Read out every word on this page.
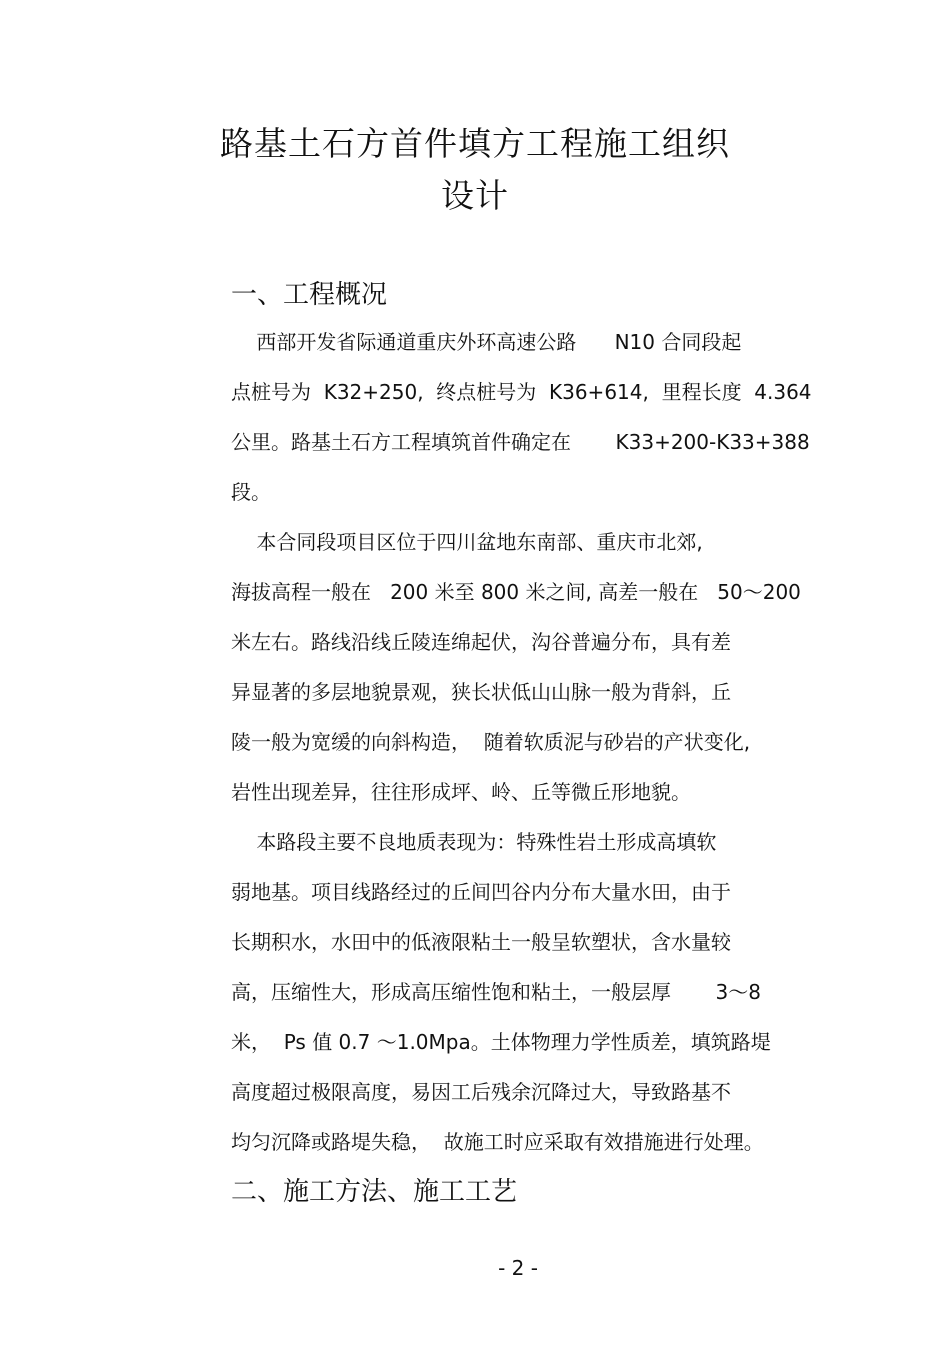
路基土石方首件填方工程施工组织
设计
一、工程概况
西部开发省际通道重庆外环高速公路      N10 合同段起
点桩号为  K32+250,  终点桩号为  K36+614,  里程长度  4.364
公里。路基土石方工程填筑首件确定在       K33+200-K33+388
段。
本合同段项目区位于四川盆地东南部、重庆市北郊,
海拔高程一般在   200 米至 800 米之间, 高差一般在   50～200
米左右。路线沿线丘陵连绵起伏，沟谷普遍分布，具有差
异显著的多层地貌景观，狭长状低山山脉一般为背斜，丘
陵一般为宽缓的向斜构造，  随着软质泥与砂岩的产状变化,
岩性出现差异，往往形成坪、岭、丘等微丘形地貌。
本路段主要不良地质表现为：特殊性岩土形成高填软
弱地基。项目线路经过的丘间凹谷内分布大量水田，由于
长期积水，水田中的低液限粘土一般呈软塑状，含水量较
高，压缩性大，形成高压缩性饱和粘土，一般层厚       3～8
米，  Ps 值 0.7 ～1.0Mpa。土体物理力学性质差，填筑路堤
高度超过极限高度，易因工后残余沉降过大，导致路基不
均匀沉降或路堤失稳，  故施工时应采取有效措施进行处理。
二、施工方法、施工工艺
- 2 -
